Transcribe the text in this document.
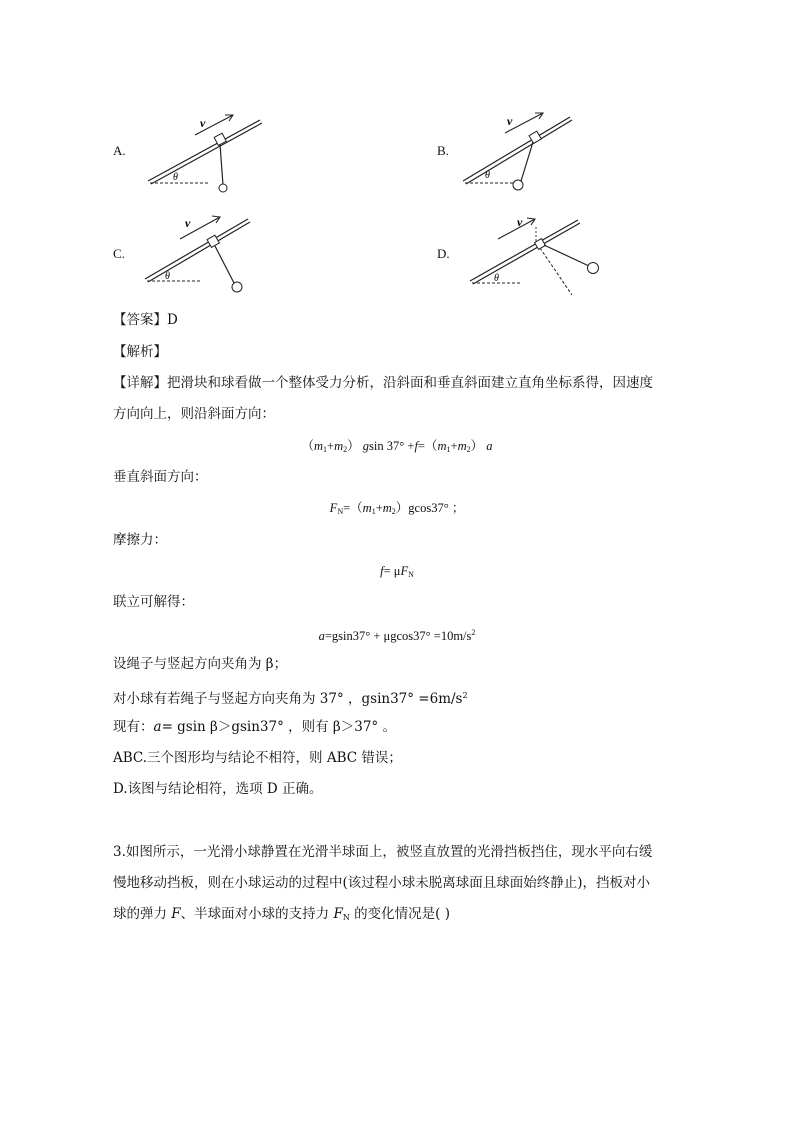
A.	B.
C.	D.
v
θ
v
θ
v
θ
v
θ
【答案】D
【解析】
【详解】把滑块和球看做一个整体受力分析，沿斜面和垂直斜面建立直角坐标系得，因速度
方向向上，则沿斜面方向：
$(m_1+m_2)$ gsin $37^\circ +f=(m_1+m_2)$ a
垂直斜面方向：
$F_N=(m_1+m_2)gcos37^\circ$ ；
摩擦力：
$f= \mu F_N$
联立可解得：
$a=gsin37^\circ + \mu gcos37^\circ =10m/s^2$
设绳子与竖起方向夹角为 β；
对小球有若绳子与竖起方向夹角为 37° ，$gsin37^\circ =6m/s^2$
现有：a= gsin β＞gsin37° ，则有 β＞37° 。
ABC.三个图形均与结论不相符，则 ABC 错误；
D.该图与结论相符，选项 D 正确。
3.如图所示，一光滑小球静置在光滑半球面上，被竖直放置的光滑挡板挡住，现水平向右缓
慢地移动挡板，则在小球运动的过程中(该过程小球未脱离球面且球面始终静止)，挡板对小
球的弹力 F、半球面对小球的支持力 $F_N$ 的变化情况是( )
